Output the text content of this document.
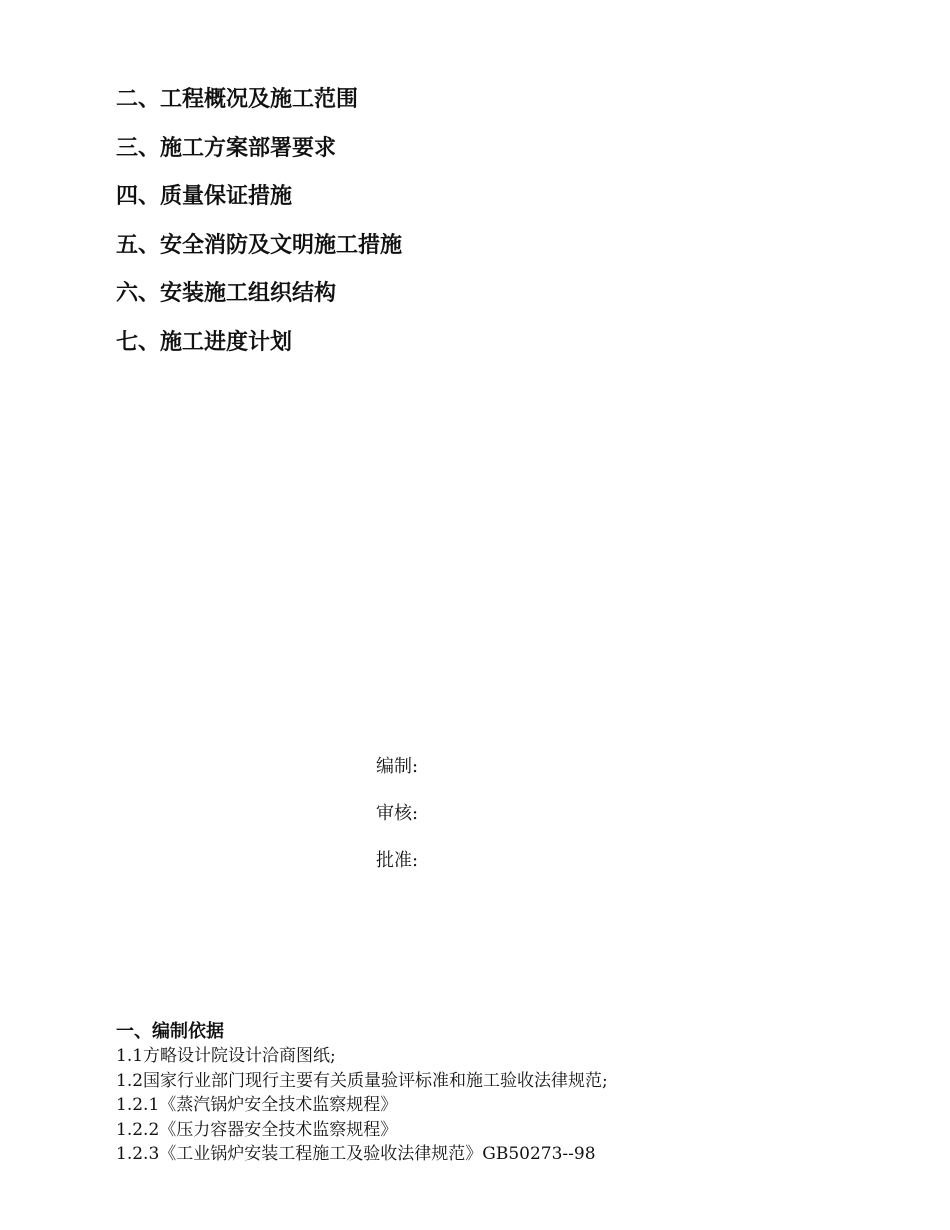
二、工程概况及施工范围
三、施工方案部署要求
四、质量保证措施
五、安全消防及文明施工措施
六、安装施工组织结构
七、施工进度计划
编制:
审核:
批准:
一、编制依据
1.1方略设计院设计洽商图纸;
1.2国家行业部门现行主要有关质量验评标准和施工验收法律规范;
1.2.1《蒸汽锅炉安全技术监察规程》
1.2.2《压力容器安全技术监察规程》
1.2.3《工业锅炉安装工程施工及验收法律规范》GB50273--98
